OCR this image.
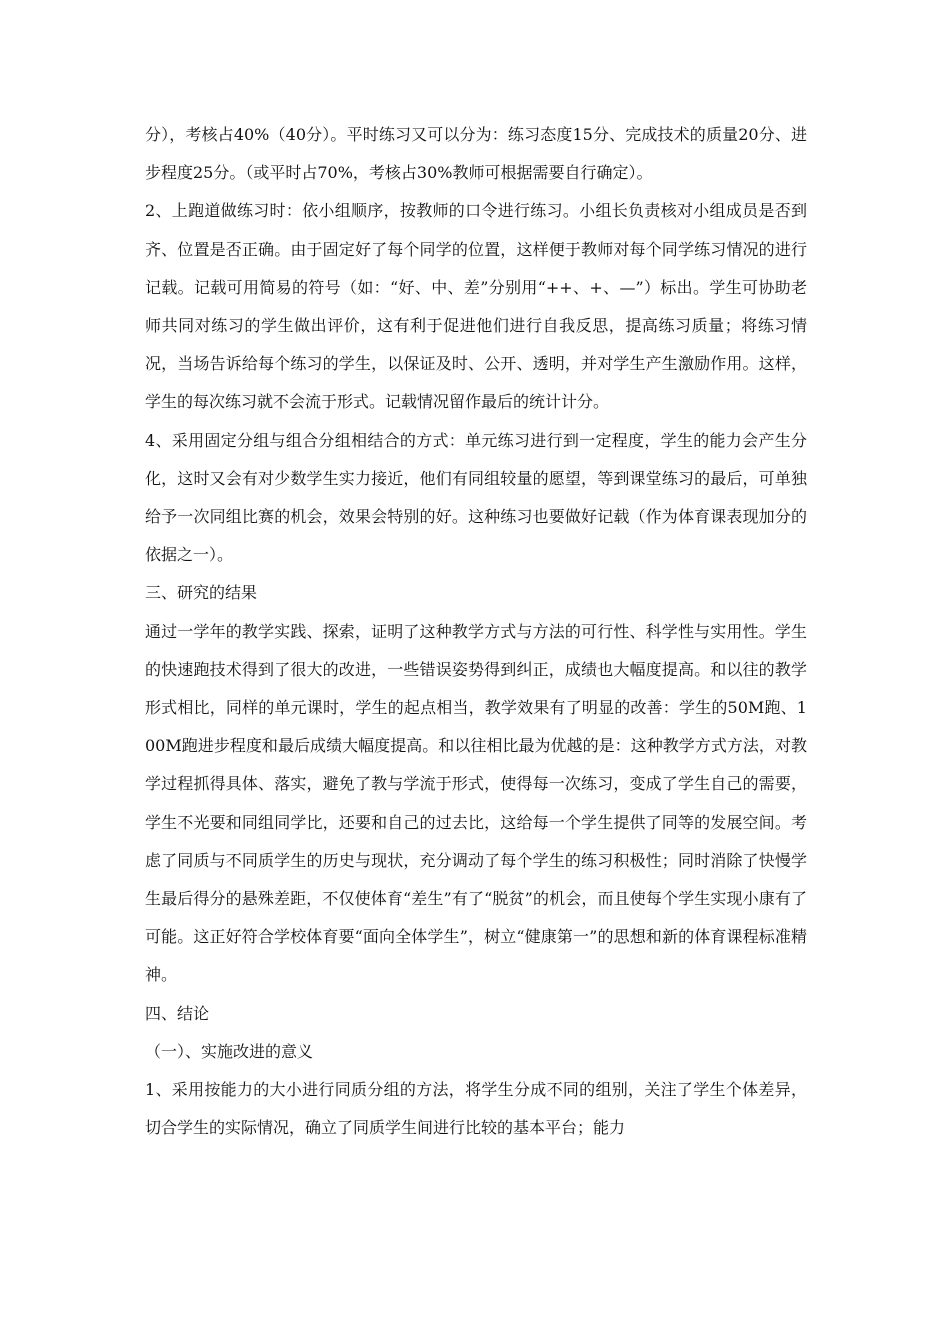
分），考核占40%（40分）。平时练习又可以分为：练习态度15分、完成技术的质量20分、进步程度25分。（或平时占70%，考核占30%教师可根据需要自行确定）。

2、上跑道做练习时：依小组顺序，按教师的口令进行练习。小组长负责核对小组成员是否到齐、位置是否正确。由于固定好了每个同学的位置，这样便于教师对每个同学练习情况的进行记载。记载可用简易的符号（如：“好、中、差”分别用“++、+、—”）标出。学生可协助老师共同对练习的学生做出评价，这有利于促进他们进行自我反思，提高练习质量；将练习情况，当场告诉给每个练习的学生，以保证及时、公开、透明，并对学生产生激励作用。这样，学生的每次练习就不会流于形式。记载情况留作最后的统计计分。

4、采用固定分组与组合分组相结合的方式：单元练习进行到一定程度，学生的能力会产生分化，这时又会有对少数学生实力接近，他们有同组较量的愿望，等到课堂练习的最后，可单独给予一次同组比赛的机会，效果会特别的好。这种练习也要做好记载（作为体育课表现加分的依据之一）。

三、研究的结果

通过一学年的教学实践、探索，证明了这种教学方式与方法的可行性、科学性与实用性。学生的快速跑技术得到了很大的改进，一些错误姿势得到纠正，成绩也大幅度提高。和以往的教学形式相比，同样的单元课时，学生的起点相当，教学效果有了明显的改善：学生的50M跑、100M跑进步程度和最后成绩大幅度提高。和以往相比最为优越的是：这种教学方式方法，对教学过程抓得具体、落实，避免了教与学流于形式，使得每一次练习，变成了学生自己的需要，学生不光要和同组同学比，还要和自己的过去比，这给每一个学生提供了同等的发展空间。考虑了同质与不同质学生的历史与现状，充分调动了每个学生的练习积极性；同时消除了快慢学生最后得分的悬殊差距，不仅使体育“差生”有了“脱贫”的机会，而且使每个学生实现小康有了可能。这正好符合学校体育要“面向全体学生”，树立“健康第一”的思想和新的体育课程标准精神。

四、结论

（一）、实施改进的意义

1、采用按能力的大小进行同质分组的方法，将学生分成不同的组别，关注了学生个体差异，切合学生的实际情况，确立了同质学生间进行比较的基本平台；能力
